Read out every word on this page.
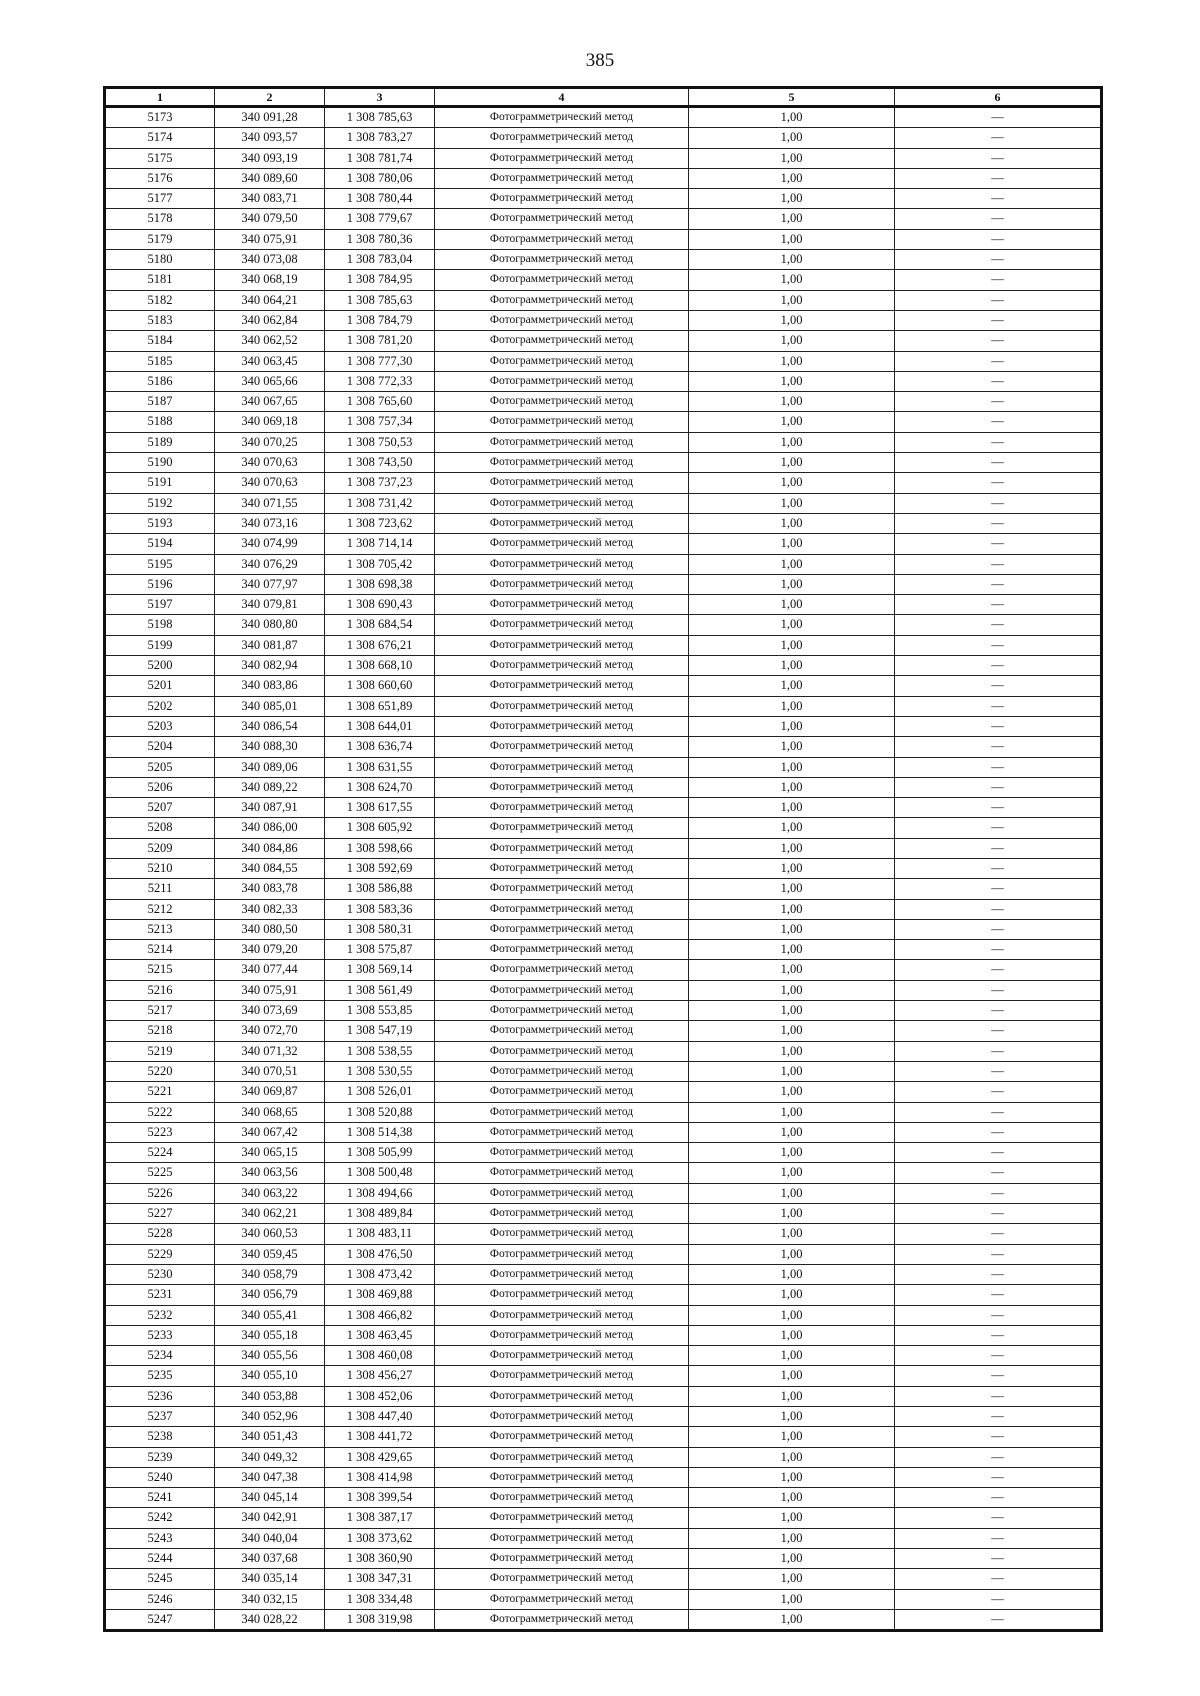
385
1	2	3	4	5	6
5173	340 091,28	1 308 785,63	Фотограмметрический метод	1,00	—
5174	340 093,57	1 308 783,27	Фотограмметрический метод	1,00	—
5175	340 093,19	1 308 781,74	Фотограмметрический метод	1,00	—
5176	340 089,60	1 308 780,06	Фотограмметрический метод	1,00	—
5177	340 083,71	1 308 780,44	Фотограмметрический метод	1,00	—
5178	340 079,50	1 308 779,67	Фотограмметрический метод	1,00	—
5179	340 075,91	1 308 780,36	Фотограмметрический метод	1,00	—
5180	340 073,08	1 308 783,04	Фотограмметрический метод	1,00	—
5181	340 068,19	1 308 784,95	Фотограмметрический метод	1,00	—
5182	340 064,21	1 308 785,63	Фотограмметрический метод	1,00	—
5183	340 062,84	1 308 784,79	Фотограмметрический метод	1,00	—
5184	340 062,52	1 308 781,20	Фотограмметрический метод	1,00	—
5185	340 063,45	1 308 777,30	Фотограмметрический метод	1,00	—
5186	340 065,66	1 308 772,33	Фотограмметрический метод	1,00	—
5187	340 067,65	1 308 765,60	Фотограмметрический метод	1,00	—
5188	340 069,18	1 308 757,34	Фотограмметрический метод	1,00	—
5189	340 070,25	1 308 750,53	Фотограмметрический метод	1,00	—
5190	340 070,63	1 308 743,50	Фотограмметрический метод	1,00	—
5191	340 070,63	1 308 737,23	Фотограмметрический метод	1,00	—
5192	340 071,55	1 308 731,42	Фотограмметрический метод	1,00	—
5193	340 073,16	1 308 723,62	Фотограмметрический метод	1,00	—
5194	340 074,99	1 308 714,14	Фотограмметрический метод	1,00	—
5195	340 076,29	1 308 705,42	Фотограмметрический метод	1,00	—
5196	340 077,97	1 308 698,38	Фотограмметрический метод	1,00	—
5197	340 079,81	1 308 690,43	Фотограмметрический метод	1,00	—
5198	340 080,80	1 308 684,54	Фотограмметрический метод	1,00	—
5199	340 081,87	1 308 676,21	Фотограмметрический метод	1,00	—
5200	340 082,94	1 308 668,10	Фотограмметрический метод	1,00	—
5201	340 083,86	1 308 660,60	Фотограмметрический метод	1,00	—
5202	340 085,01	1 308 651,89	Фотограмметрический метод	1,00	—
5203	340 086,54	1 308 644,01	Фотограмметрический метод	1,00	—
5204	340 088,30	1 308 636,74	Фотограмметрический метод	1,00	—
5205	340 089,06	1 308 631,55	Фотограмметрический метод	1,00	—
5206	340 089,22	1 308 624,70	Фотограмметрический метод	1,00	—
5207	340 087,91	1 308 617,55	Фотограмметрический метод	1,00	—
5208	340 086,00	1 308 605,92	Фотограмметрический метод	1,00	—
5209	340 084,86	1 308 598,66	Фотограмметрический метод	1,00	—
5210	340 084,55	1 308 592,69	Фотограмметрический метод	1,00	—
5211	340 083,78	1 308 586,88	Фотограмметрический метод	1,00	—
5212	340 082,33	1 308 583,36	Фотограмметрический метод	1,00	—
5213	340 080,50	1 308 580,31	Фотограмметрический метод	1,00	—
5214	340 079,20	1 308 575,87	Фотограмметрический метод	1,00	—
5215	340 077,44	1 308 569,14	Фотограмметрический метод	1,00	—
5216	340 075,91	1 308 561,49	Фотограмметрический метод	1,00	—
5217	340 073,69	1 308 553,85	Фотограмметрический метод	1,00	—
5218	340 072,70	1 308 547,19	Фотограмметрический метод	1,00	—
5219	340 071,32	1 308 538,55	Фотограмметрический метод	1,00	—
5220	340 070,51	1 308 530,55	Фотограмметрический метод	1,00	—
5221	340 069,87	1 308 526,01	Фотограмметрический метод	1,00	—
5222	340 068,65	1 308 520,88	Фотограмметрический метод	1,00	—
5223	340 067,42	1 308 514,38	Фотограмметрический метод	1,00	—
5224	340 065,15	1 308 505,99	Фотограмметрический метод	1,00	—
5225	340 063,56	1 308 500,48	Фотограмметрический метод	1,00	—
5226	340 063,22	1 308 494,66	Фотограмметрический метод	1,00	—
5227	340 062,21	1 308 489,84	Фотограмметрический метод	1,00	—
5228	340 060,53	1 308 483,11	Фотограмметрический метод	1,00	—
5229	340 059,45	1 308 476,50	Фотограмметрический метод	1,00	—
5230	340 058,79	1 308 473,42	Фотограмметрический метод	1,00	—
5231	340 056,79	1 308 469,88	Фотограмметрический метод	1,00	—
5232	340 055,41	1 308 466,82	Фотограмметрический метод	1,00	—
5233	340 055,18	1 308 463,45	Фотограмметрический метод	1,00	—
5234	340 055,56	1 308 460,08	Фотограмметрический метод	1,00	—
5235	340 055,10	1 308 456,27	Фотограмметрический метод	1,00	—
5236	340 053,88	1 308 452,06	Фотограмметрический метод	1,00	—
5237	340 052,96	1 308 447,40	Фотограмметрический метод	1,00	—
5238	340 051,43	1 308 441,72	Фотограмметрический метод	1,00	—
5239	340 049,32	1 308 429,65	Фотограмметрический метод	1,00	—
5240	340 047,38	1 308 414,98	Фотограмметрический метод	1,00	—
5241	340 045,14	1 308 399,54	Фотограмметрический метод	1,00	—
5242	340 042,91	1 308 387,17	Фотограмметрический метод	1,00	—
5243	340 040,04	1 308 373,62	Фотограмметрический метод	1,00	—
5244	340 037,68	1 308 360,90	Фотограмметрический метод	1,00	—
5245	340 035,14	1 308 347,31	Фотограмметрический метод	1,00	—
5246	340 032,15	1 308 334,48	Фотограмметрический метод	1,00	—
5247	340 028,22	1 308 319,98	Фотограмметрический метод	1,00	—
